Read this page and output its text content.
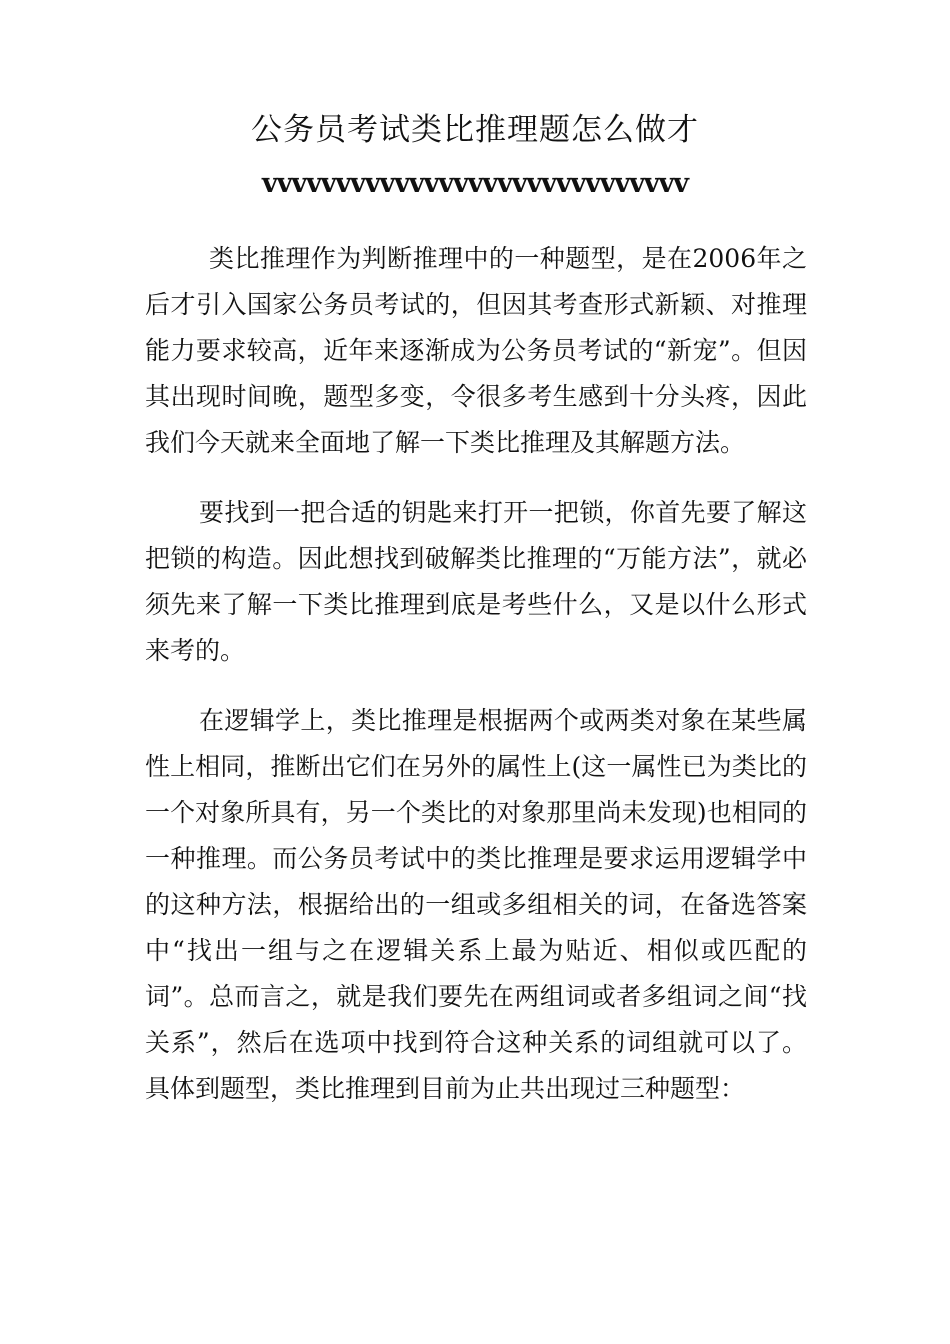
公务员考试类比推理题怎么做才
vvvvvvvvvvvvvvvvvvvvvvvvvvvvv

类比推理作为判断推理中的一种题型，是在2006年之后才引入国家公务员考试的，但因其考查形式新颖、对推理能力要求较高，近年来逐渐成为公务员考试的“新宠”。但因其出现时间晚，题型多变，令很多考生感到十分头疼，因此我们今天就来全面地了解一下类比推理及其解题方法。

要找到一把合适的钥匙来打开一把锁，你首先要了解这把锁的构造。因此想找到破解类比推理的“万能方法”，就必须先来了解一下类比推理到底是考些什么，又是以什么形式来考的。

在逻辑学上，类比推理是根据两个或两类对象在某些属性上相同，推断出它们在另外的属性上(这一属性已为类比的一个对象所具有，另一个类比的对象那里尚未发现)也相同的一种推理。而公务员考试中的类比推理是要求运用逻辑学中的这种方法，根据给出的一组或多组相关的词，在备选答案中“找出一组与之在逻辑关系上最为贴近、相似或匹配的词”。总而言之，就是我们要先在两组词或者多组词之间“找关系”，然后在选项中找到符合这种关系的词组就可以了。具体到题型，类比推理到目前为止共出现过三种题型：
